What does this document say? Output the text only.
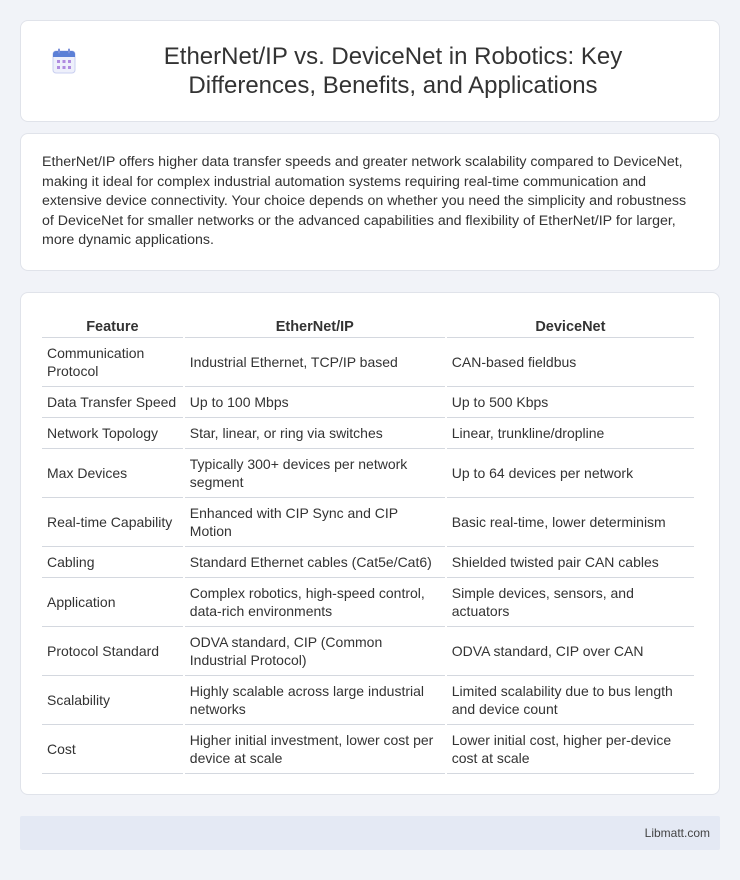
EtherNet/IP vs. DeviceNet in Robotics: Key Differences, Benefits, and Applications

EtherNet/IP offers higher data transfer speeds and greater network scalability compared to DeviceNet, making it ideal for complex industrial automation systems requiring real-time communication and extensive device connectivity. Your choice depends on whether you need the simplicity and robustness of DeviceNet for smaller networks or the advanced capabilities and flexibility of EtherNet/IP for larger, more dynamic applications.

Feature	EtherNet/IP	DeviceNet
Communication Protocol	Industrial Ethernet, TCP/IP based	CAN-based fieldbus
Data Transfer Speed	Up to 100 Mbps	Up to 500 Kbps
Network Topology	Star, linear, or ring via switches	Linear, trunkline/dropline
Max Devices	Typically 300+ devices per network segment	Up to 64 devices per network
Real-time Capability	Enhanced with CIP Sync and CIP Motion	Basic real-time, lower determinism
Cabling	Standard Ethernet cables (Cat5e/Cat6)	Shielded twisted pair CAN cables
Application	Complex robotics, high-speed control, data-rich environments	Simple devices, sensors, and actuators
Protocol Standard	ODVA standard, CIP (Common Industrial Protocol)	ODVA standard, CIP over CAN
Scalability	Highly scalable across large industrial networks	Limited scalability due to bus length and device count
Cost	Higher initial investment, lower cost per device at scale	Lower initial cost, higher per-device cost at scale
Libmatt.com
